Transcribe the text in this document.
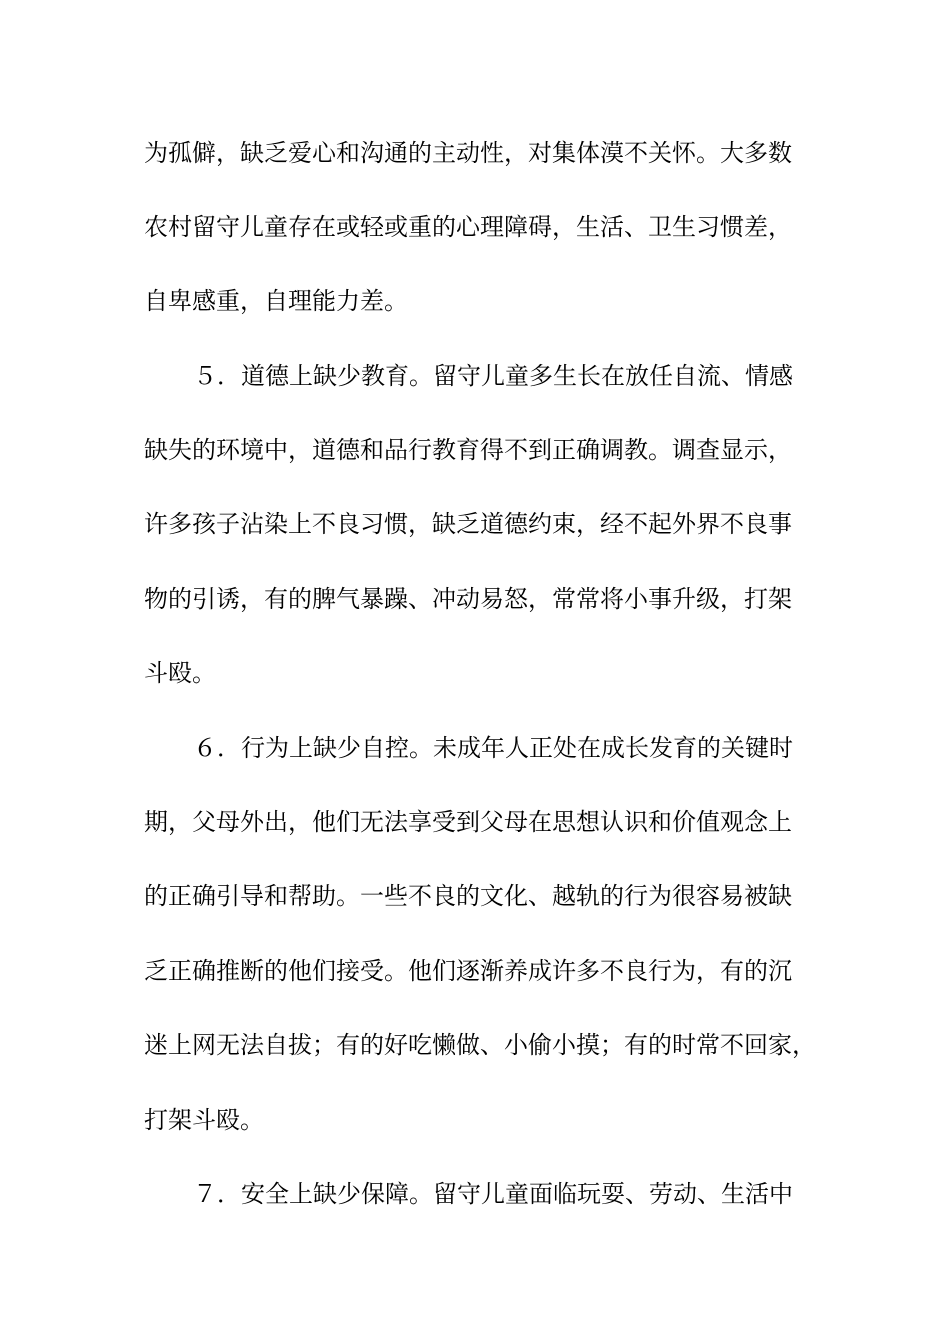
为孤僻，缺乏爱心和沟通的主动性，对集体漠不关怀。大多数
农村留守儿童存在或轻或重的心理障碍，生活、卫生习惯差，
自卑感重，自理能力差。
５．道德上缺少教育。留守儿童多生长在放任自流、情感
缺失的环境中，道德和品行教育得不到正确调教。调查显示，
许多孩子沾染上不良习惯，缺乏道德约束，经不起外界不良事
物的引诱，有的脾气暴躁、冲动易怒，常常将小事升级，打架
斗殴。
６．行为上缺少自控。未成年人正处在成长发育的关键时
期，父母外出，他们无法享受到父母在思想认识和价值观念上
的正确引导和帮助。一些不良的文化、越轨的行为很容易被缺
乏正确推断的他们接受。他们逐渐养成许多不良行为，有的沉
迷上网无法自拔；有的好吃懒做、小偷小摸；有的时常不回家，
打架斗殴。
７．安全上缺少保障。留守儿童面临玩耍、劳动、生活中
